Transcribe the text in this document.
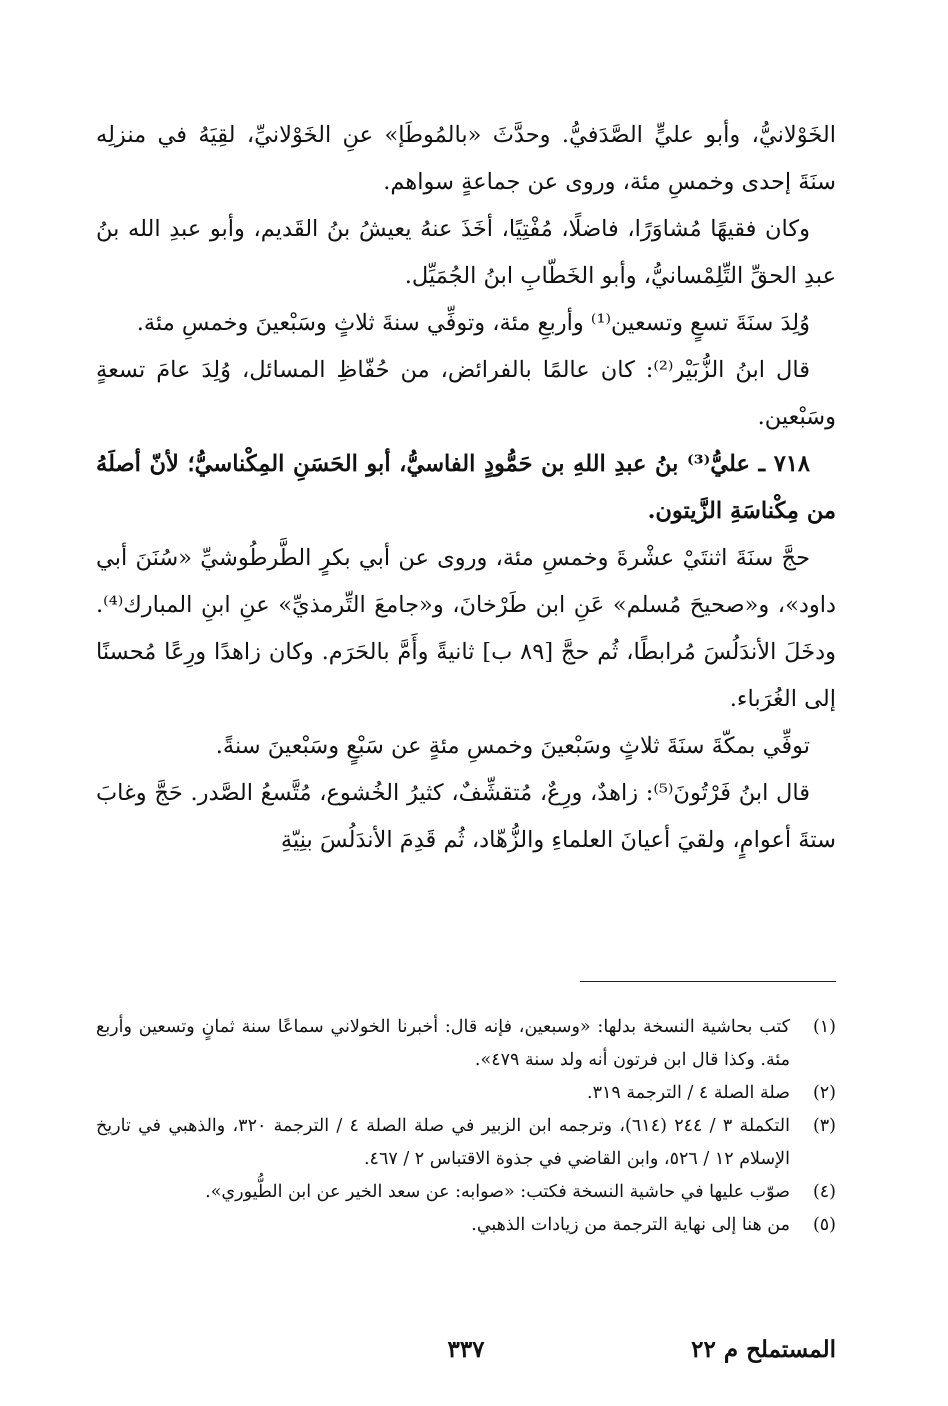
الخَوْلانيُّ، وأبو عليٍّ الصَّدَفيُّ. وحدَّثَ «بالمُوطَإ» عنِ الخَوْلانيِّ، لقِيَهُ في منزلِه سنَةَ إحدى وخمسِ مئة، وروى عن جماعةٍ سواهم.

وكان فقيهًا مُشاوَرًا، فاضلًا، مُفْتِيًا، أخَذَ عنهُ يعيشُ بنُ القَديم، وأبو عبدِ الله بنُ عبدِ الحقِّ التِّلِمْسانيُّ، وأبو الخَطّابِ ابنُ الجُمَيِّل.

وُلِدَ سنَةَ تسعٍ وتسعين⁽¹⁾ وأربعِ مئة، وتوفِّي سنةَ ثلاثٍ وسَبْعينَ وخمسِ مئة.

قال ابنُ الزُّبَيْر⁽²⁾: كان عالمًا بالفرائض، من حُفّاظِ المسائل، وُلِدَ عامَ تسعةٍ وسَبْعين.

٧١٨ ـ عليُّ⁽³⁾ بنُ عبدِ اللهِ بن حَمُّودٍ الفاسيُّ، أبو الحَسَنِ المِكْناسيُّ؛ لأنّ أصلَهُ من مِكْناسَةِ الزَّيتون.

حجَّ سنَةَ اثنتَيْ عشْرةَ وخمسِ مئة، وروى عن أبي بكرٍ الطَّرطُوشيِّ «سُنَنَ أبي داود»، و«صحيحَ مُسلم» عَنِ ابن طَرْخانَ، و«جامعَ التِّرمذيِّ» عنِ ابنِ المبارك⁽⁴⁾. ودخَلَ الأندَلُسَ مُرابطًا، ثُم حجَّ [٨٩ ب] ثانيةً وأَمَّ بالحَرَم. وكان زاهدًا ورِعًا مُحسنًا إلى الغُرَباء.

توفِّي بمكّةَ سنَةَ ثلاثٍ وسَبْعينَ وخمسِ مئةٍ عن سَبْعٍ وسَبْعينَ سنةً.

قال ابنُ فَرْتُونَ⁽⁵⁾: زاهدٌ، ورِعٌ، مُتقشِّفٌ، كثيرُ الخُشوع، مُتَّسعُ الصَّدر. حَجَّ وغابَ ستةَ أعوامٍ، ولقيَ أعيانَ العلماءِ والزُّهّاد، ثُم قَدِمَ الأندَلُسَ بنِيّةِ

(١)
كتب بحاشية النسخة بدلها: «وسبعين، فإنه قال: أخبرنا الخولاني سماعًا سنة ثمانٍ وتسعين وأربع مئة. وكذا قال ابن فرتون أنه ولد سنة ٤٧٩».
(٢)
صلة الصلة ٤ / الترجمة ٣١٩.
(٣)
التكملة ٣ / ٢٤٤ (٦١٤)، وترجمه ابن الزبير في صلة الصلة ٤ / الترجمة ٣٢٠، والذهبي في تاريخ الإسلام ١٢ / ٥٢٦، وابن القاضي في جذوة الاقتباس ٢ / ٤٦٧.
(٤)
صوّب عليها في حاشية النسخة فكتب: «صوابه: عن سعد الخير عن ابن الطُّيوري».
(٥)
من هنا إلى نهاية الترجمة من زيادات الذهبي.
المستملح م ٢٢
٣٣٧
